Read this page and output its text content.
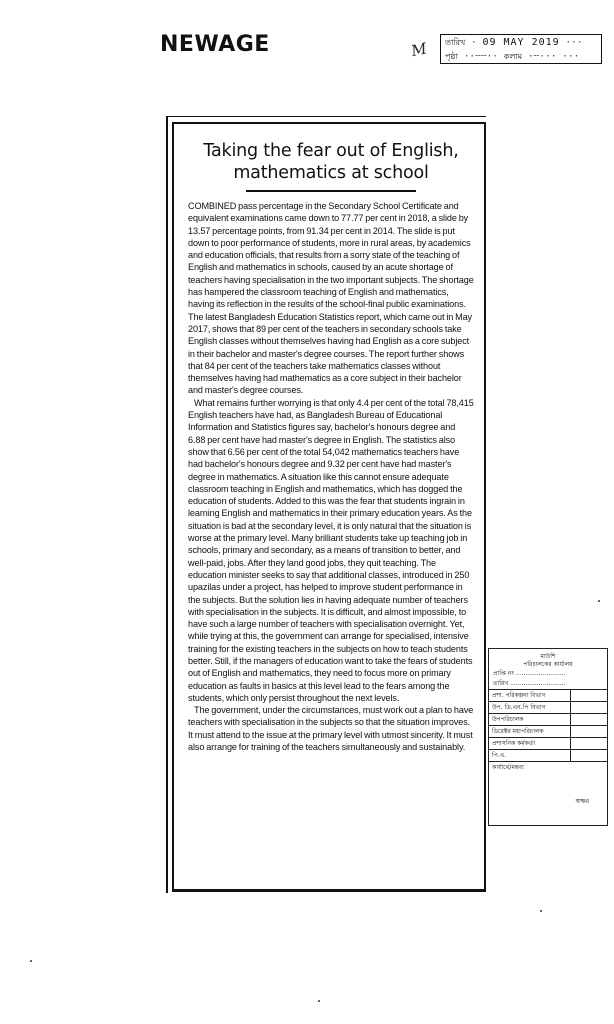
NEWAGE	M	তারিখ · 09 MAY 2019 ···
পৃষ্ঠা ··╌╌·· কলাম ·╌··· ···
Taking the fear out of English,
mathematics at school

COMBINED pass percentage in the Secondary School Certificate and equivalent examinations came down to 77.77 per cent in 2018, a slide by 13.57 percentage points, from 91.34 per cent in 2014. The slide is put down to poor performance of students, more in rural areas, by academics and education officials, that results from a sorry state of the teaching of English and mathematics in schools, caused by an acute shortage of teachers having specialisation in the two important subjects. The shortage has hampered the classroom teaching of English and mathematics, having its reflection in the results of the school-final public examinations. The latest Bangladesh Education Statistics report, which came out in May 2017, shows that 89 per cent of the teachers in secondary schools take English classes without themselves having had English as a core subject in their bachelor and master's degree courses. The report further shows that 84 per cent of the teachers take mathematics classes without themselves having had mathematics as a core subject in their bachelor and master's degree courses.

What remains further worrying is that only 4.4 per cent of the total 78,415 English teachers have had, as Bangladesh Bureau of Educational Information and Statistics figures say, bachelor's honours degree and 6.88 per cent have had master's degree in English. The statistics also show that 6.56 per cent of the total 54,042 mathematics teachers have had bachelor's honours degree and 9.32 per cent have had master's degree in mathematics. A situation like this cannot ensure adequate classroom teaching in English and mathematics, which has dogged the education of students. Added to this was the fear that students ingrain in learning English and mathematics in their primary education years. As the situation is bad at the secondary level, it is only natural that the situation is worse at the primary level. Many brilliant students take up teaching job in schools, primary and secondary, as a means of transition to better, and well-paid, jobs. After they land good jobs, they quit teaching. The education minister seeks to say that additional classes, introduced in 250 upazilas under a project, has helped to improve student performance in the subjects. But the solution lies in having adequate number of teachers with specialisation in the subjects. It is difficult, and almost impossible, to have such a large number of teachers with specialisation overnight. Yet, while trying at this, the government can arrange for specialised, intensive training for the existing teachers in the subjects on how to teach students better. Still, if the managers of education want to take the fears of students out of English and mathematics, they need to focus more on primary education as faults in basics at this level lead to the fears among the students, which only persist throughout the next levels.

The government, under the circumstances, must work out a plan to have teachers with specialisation in the subjects so that the situation improves. It must attend to the issue at the primary level with utmost sincerity. It must also arrange for training of the teachers simultaneously and sustainably.

মাউশি
পরিচালকের কার্যালয়
প্রাপ্তি নং ..........................
তারিখ .............................
প্রশা. পরিকল্পনা বিভাগ	
উপ. ডি.এন.পি বিভাগ	
উপপরিচালক	
ডিরেক্টর মহাপরিচালক	
প্রশাসনিক কর্মকর্তা	
পি.এ.	
কার্যার্থে/মন্তব্য
স্বাক্ষর
